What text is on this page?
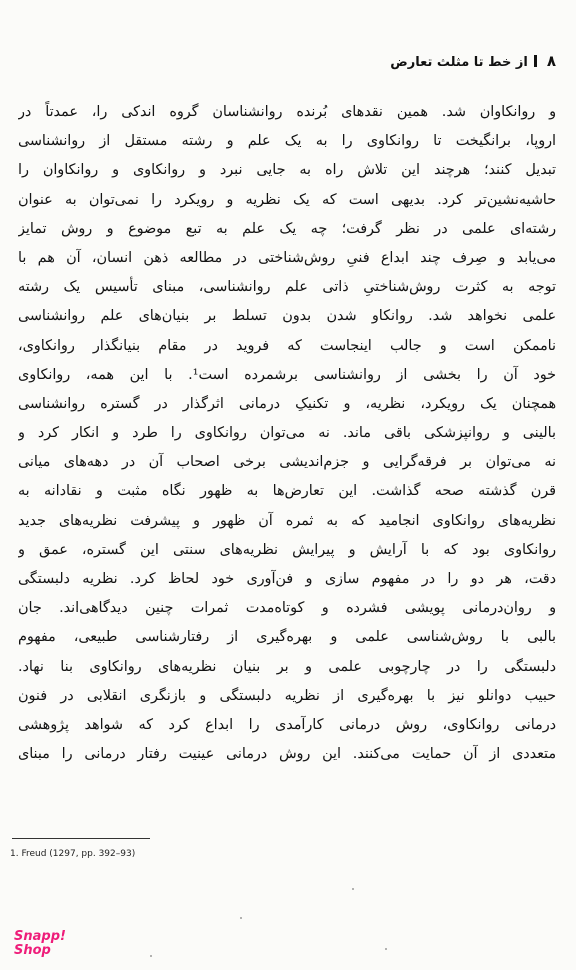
۸از خط تا مثلث تعارض
و روانکاوان شد. همین نقدهای بُرنده روانشناسان گروه اندکی را، عمدتاً در
اروپا، برانگیخت تا روانکاوی را به یک علم و رشته مستقل از روانشناسی
تبدیل کنند؛ هرچند این تلاش راه به جایی نبرد و روانکاوی و روانکاوان را
حاشیه‌نشین‌تر کرد. بدیهی است که یک نظریه و رویکرد را نمی‌توان به عنوان
رشته‌ای علمی در نظر گرفت؛ چه یک علم به تبع موضوع و روش تمایز
می‌یابد و صِرف چند ابداع فنیِ روش‌شناختی در مطالعه ذهن انسان، آن هم با
توجه به کثرت روش‌شناختیِ ذاتی علم روانشناسی، مبنای تأسیس یک رشته
علمی نخواهد شد. روانکاو شدن بدون تسلط بر بنیان‌های علم روانشناسی
ناممکن است و جالب اینجاست که فروید در مقام بنیانگذار روانکاوی،
خود آن را بخشی از روانشناسی برشمرده است¹. با این همه، روانکاوی
همچنان یک رویکرد، نظریه، و تکنیکِ درمانی اثرگذار در گستره روانشناسی
بالینی و روانپزشکی باقی ماند. نه می‌توان روانکاوی را طرد و انکار کرد و
نه می‌توان بر فرقه‌گرایی و جزم‌اندیشی برخی اصحاب آن در دهه‌های میانی
قرن گذشته صحه گذاشت. این تعارض‌ها به ظهور نگاه مثبت و نقادانه به
نظریه‌های روانکاوی انجامید که به ثمره آن ظهور و پیشرفت نظریه‌های جدید
روانکاوی بود که با آرایش و پیرایش نظریه‌های سنتی این گستره، عمق و
دقت، هر دو را در مفهوم سازی و فن‌آوری خود لحاظ کرد. نظریه دلبستگی
و روان‌درمانی پویشی فشرده و کوتاه‌مدت ثمرات چنین دیدگاهی‌اند. جان
بالبی با روش‌شناسی علمی و بهره‌گیری از رفتارشناسی طبیعی، مفهوم
دلبستگی را در چارچوبی علمی و بر بنیان نظریه‌های روانکاوی بنا نهاد.
حبیب دوانلو نیز با بهره‌گیری از نظریه دلبستگی و بازنگری انقلابی در فنون
درمانی روانکاوی، روش درمانی کارآمدی را ابداع کرد که شواهد پژوهشی
متعددی از آن حمایت می‌کنند. این روش درمانی عینیت رفتار درمانی را مبنای
1. Freud (1297, pp. 392–93)
Snapp!
Shop
